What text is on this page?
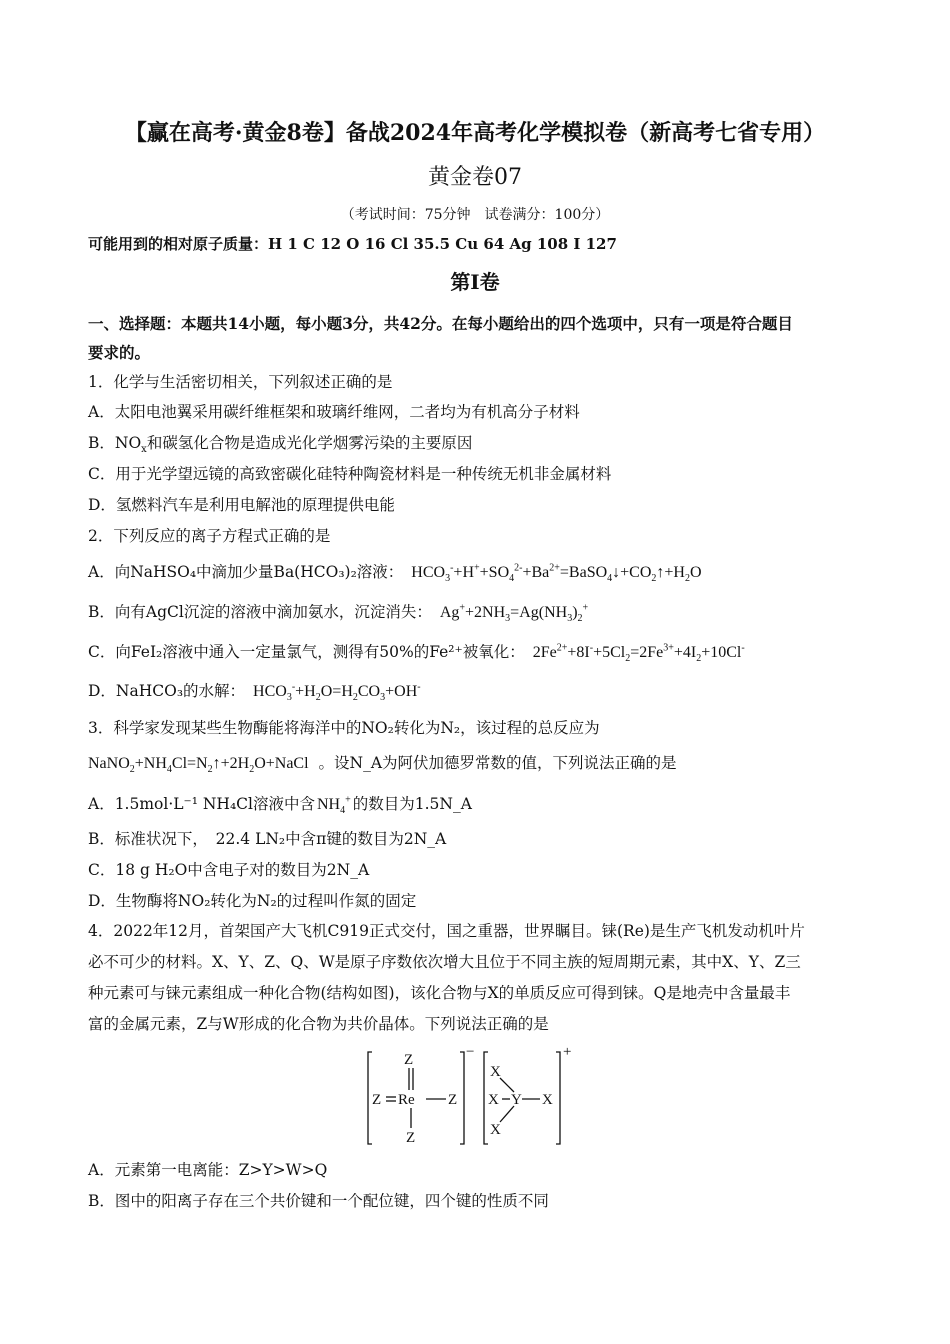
【赢在高考·黄金8卷】备战2024年高考化学模拟卷（新高考七省专用）
黄金卷07
（考试时间：75分钟　试卷满分：100分）
可能用到的相对原子质量：H 1 C 12 O 16 Cl 35.5 Cu 64 Ag 108 I 127
第Ⅰ卷
一、选择题：本题共14小题，每小题3分，共42分。在每小题给出的四个选项中，只有一项是符合题目
要求的。
1．化学与生活密切相关，下列叙述正确的是
A．太阳电池翼采用碳纤维框架和玻璃纤维网，二者均为有机高分子材料
B．$NO_x$和碳氢化合物是造成光化学烟雾污染的主要原因
C．用于光学望远镜的高致密碳化硅特种陶瓷材料是一种传统无机非金属材料
D．氢燃料汽车是利用电解池的原理提供电能
2．下列反应的离子方程式正确的是
A．向NaHSO₄中滴加少量Ba(HCO₃)₂溶液： $HCO_3^-+H^++SO_4^{2-}+Ba^{2+}=BaSO_4↓+CO_2↑+H_2O$
B．向有AgCl沉淀的溶液中滴加氨水，沉淀消失： $Ag^++2NH_3=Ag(NH_3)_2^+$
C．向FeI₂溶液中通入一定量氯气，测得有50%的Fe²⁺被氧化： $2Fe^{2+}+8I^-+5Cl_2=2Fe^{3+}+4I_2+10Cl^-$
D．NaHCO₃的水解： $HCO_3^-+H_2O=H_2CO_3+OH^-$
3．科学家发现某些生物酶能将海洋中的NO₂转化为N₂，该过程的总反应为
$NaNO_2+NH_4Cl=N_2↑+2H_2O+NaCl$ 。设N_A为阿伏加德罗常数的值，下列说法正确的是
A．1.5mol·L⁻¹ NH₄Cl溶液中含 $NH_4^+$ 的数目为1.5N_A
B．标准状况下，　22.4 LN₂中含π键的数目为2N_A
C．18 g H₂O中含电子对的数目为2N_A
D．生物酶将NO₂转化为N₂的过程叫作氮的固定
4．2022年12月，首架国产大飞机C919正式交付，国之重器，世界瞩目。铼(Re)是生产飞机发动机叶片
必不可少的材料。X、Y、Z、Q、W是原子序数依次增大且位于不同主族的短周期元素，其中X、Y、Z三
种元素可与铼元素组成一种化合物(结构如图)，该化合物与X的单质反应可得到铼。Q是地壳中含量最丰
富的金属元素，Z与W形成的化合物为共价晶体。下列说法正确的是
Z
Z Re Z
Z
−
X
X Y X
X
+
A．元素第一电离能：Z>Y>W>Q
B．图中的阳离子存在三个共价键和一个配位键，四个键的性质不同
